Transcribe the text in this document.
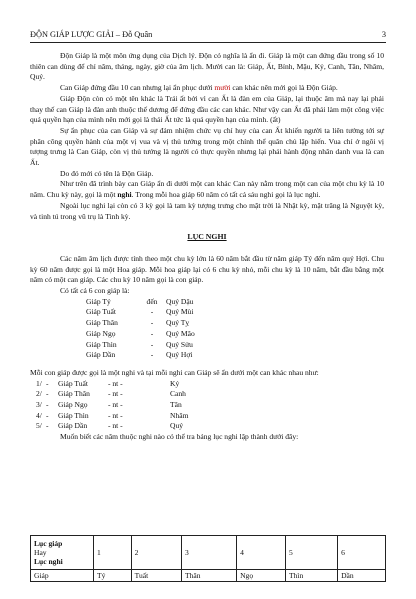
ĐỘN GIÁP LƯỢC GIẢI – Đỗ Quân	3

Độn Giáp là một môn ứng dụng của Dịch lý. Độn có nghĩa là ẩn đi. Giáp là một can đứng đầu trong số 10 thiên can dùng để chỉ năm, tháng, ngày, giờ của âm lịch. Mười can là: Giáp, Ất, Bính, Mậu, Kỷ, Canh, Tân, Nhâm, Quý.

Can Giáp đứng đầu 10 can nhưng lại ẩn phục dưới mười can khác nên mới gọi là Độn Giáp.

Giáp Độn còn có một tên khác là Trái ất bởi vì can Ất là đàn em của Giáp, lại thuộc âm mà nay lại phải thay thế can Giáp là đàn anh thuộc thế dương để đứng đầu các can khác. Như vậy can Ất đã phải làm một công việc quá quyền hạn của mình nên mới gọi là thái Ất tức là quá quyền hạn của mình. (ất)

Sự ẩn phục của can Giáp và sự đảm nhiệm chức vụ chỉ huy của can Ất khiến người ta liên tưởng tới sự phân công quyền hành của một vị vua và vị thủ tướng trong một chính thể quân chủ lập hiến. Vua chỉ ở ngôi vị tượng trưng là Can Giáp, còn vị thủ tướng là người có thực quyền nhưng lại phải hành động nhân danh vua là can Ất.

Do đó mới có tên là Độn Giáp.

Như trên đã trình bày can Giáp ẩn đi dưới một can khác Can này nằm trong một can của một chu kỳ là 10 năm. Chu kỳ này, gọi là một nghi. Trong mỗi hoa giáp 60 năm có tất cả sáu nghi gọi là lục nghi.

Ngoài lục nghi lại còn có 3 kỳ gọi là tam kỳ tượng trưng cho mặt trời là Nhật kỳ, mặt trăng là Nguyệt kỳ, và tinh tú trong vũ trụ là Tinh kỳ.

LỤC NGHI

Các năm âm lịch được tính theo một chu kỳ lớn là 60 năm bắt đầu từ năm giáp Tý đến năm quý Hợi. Chu kỳ 60 năm được gọi là một Hoa giáp. Mỗi hoa giáp lại có 6 chu kỳ nhỏ, mỗi chu kỳ là 10 năm, bắt đầu bằng một năm có một can giáp. Các chu kỳ 10 năm gọi là con giáp.

Có tất cả 6 con giáp là:

Giáp Tý	đến	Quý Dậu
Giáp Tuất	-	Quý Mùi
Giáp Thân	-	Quý Tỵ
Giáp Ngọ	-	Quý Mão
Giáp Thìn	-	Quý Sửu
Giáp Dần	-	Quý Hợi

Mỗi con giáp được gọi là một nghi và tại mỗi nghi can Giáp sẽ ẩn dưới một can khác nhau như:

1/ - Giáp Tuất	- nt -	Kỷ
2/ - Giáp Thân	- nt -	Canh
3/ - Giáp Ngọ	- nt -	Tân
4/ - Giáp Thìn	- nt -	Nhâm
5/ - Giáp Dần	- nt -	Quý

Muốn biết các năm thuộc nghi nào có thể tra bảng lục nghi lập thành dưới đây:

Lục giáp
Hay
Lục nghi	1	2	3	4	5	6
Giáp	Tý	Tuất	Thân	Ngọ	Thìn	Dần
